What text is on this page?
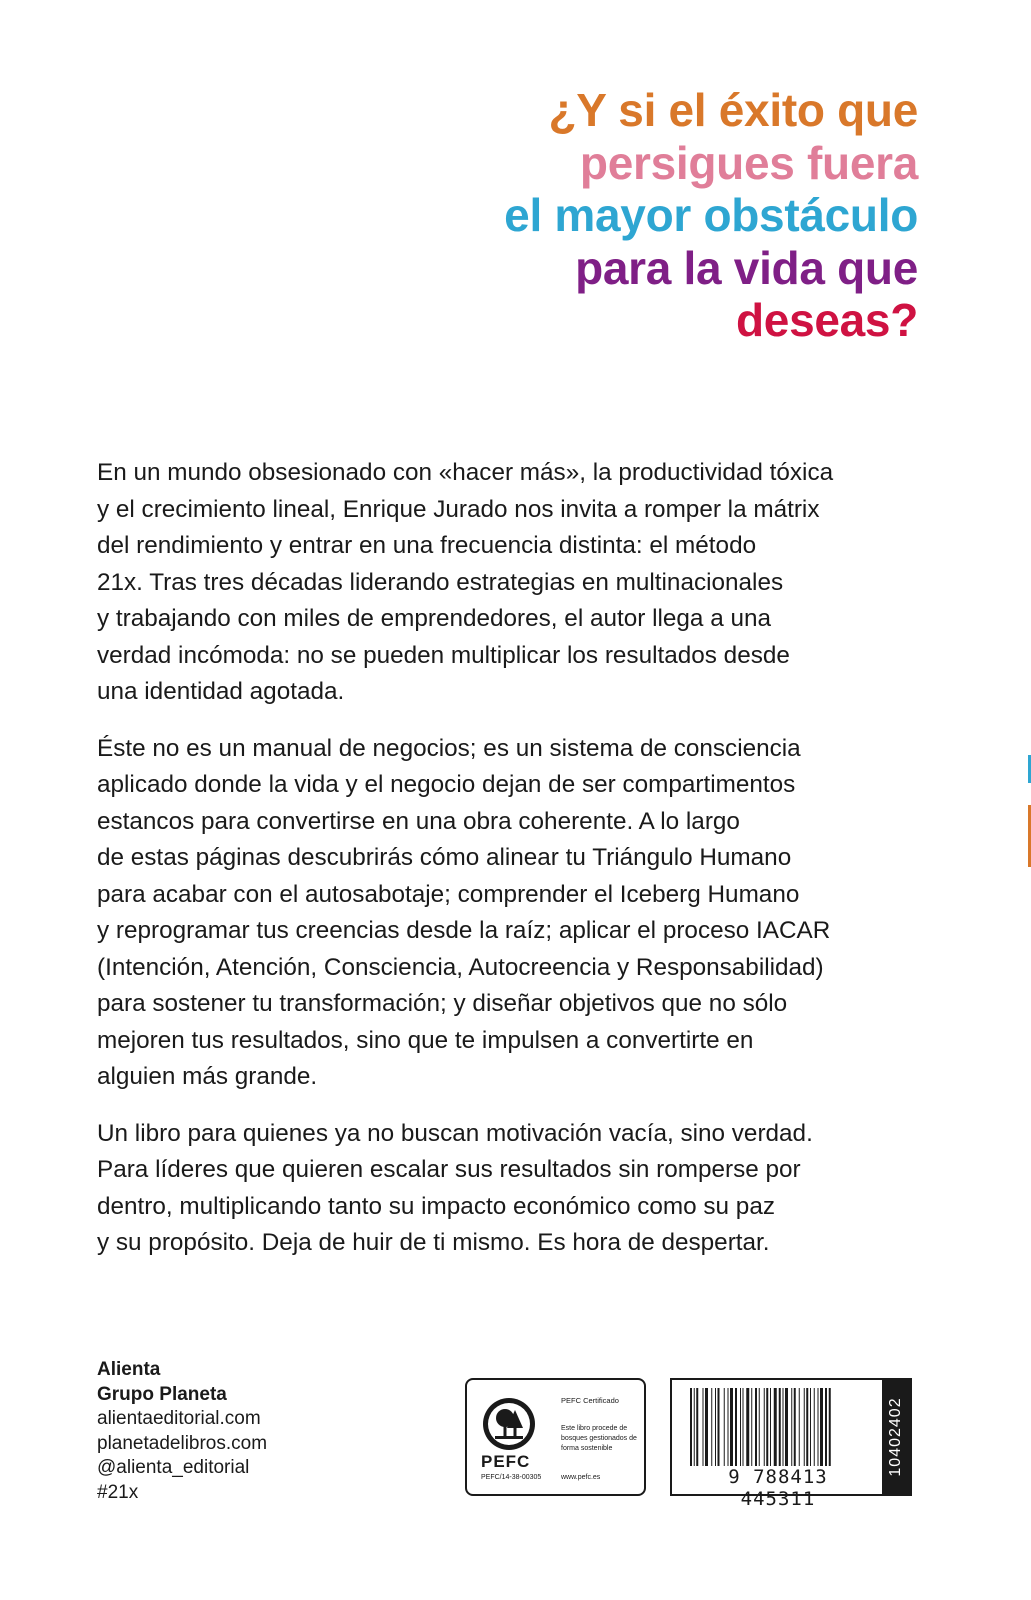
¿Y si el éxito que
persigues fuera
el mayor obstáculo
para la vida que
deseas?

En un mundo obsesionado con «hacer más», la productividad tóxica
y el crecimiento lineal, Enrique Jurado nos invita a romper la mátrix
del rendimiento y entrar en una frecuencia distinta: el método
21x. Tras tres décadas liderando estrategias en multinacionales
y trabajando con miles de emprendedores, el autor llega a una
verdad incómoda: no se pueden multiplicar los resultados desde
una identidad agotada.

Éste no es un manual de negocios; es un sistema de consciencia
aplicado donde la vida y el negocio dejan de ser compartimentos
estancos para convertirse en una obra coherente. A lo largo
de estas páginas descubrirás cómo alinear tu Triángulo Humano
para acabar con el autosabotaje; comprender el Iceberg Humano
y reprogramar tus creencias desde la raíz; aplicar el proceso IACAR
(Intención, Atención, Consciencia, Autocreencia y Responsabilidad)
para sostener tu transformación; y diseñar objetivos que no sólo
mejoren tus resultados, sino que te impulsen a convertirte en
alguien más grande.

Un libro para quienes ya no buscan motivación vacía, sino verdad.
Para líderes que quieren escalar sus resultados sin romperse por
dentro, multiplicando tanto su impacto económico como su paz
y su propósito. Deja de huir de ti mismo. Es hora de despertar.

Alienta
Grupo Planeta
alientaeditorial.com
planetadelibros.com
@alienta_editorial
#21x
PEFC
PEFC/14-38-00305
PEFC Certificado
Este libro procede de bosques gestionados de forma sostenible
www.pefc.es	9 788413 445311
10402402
